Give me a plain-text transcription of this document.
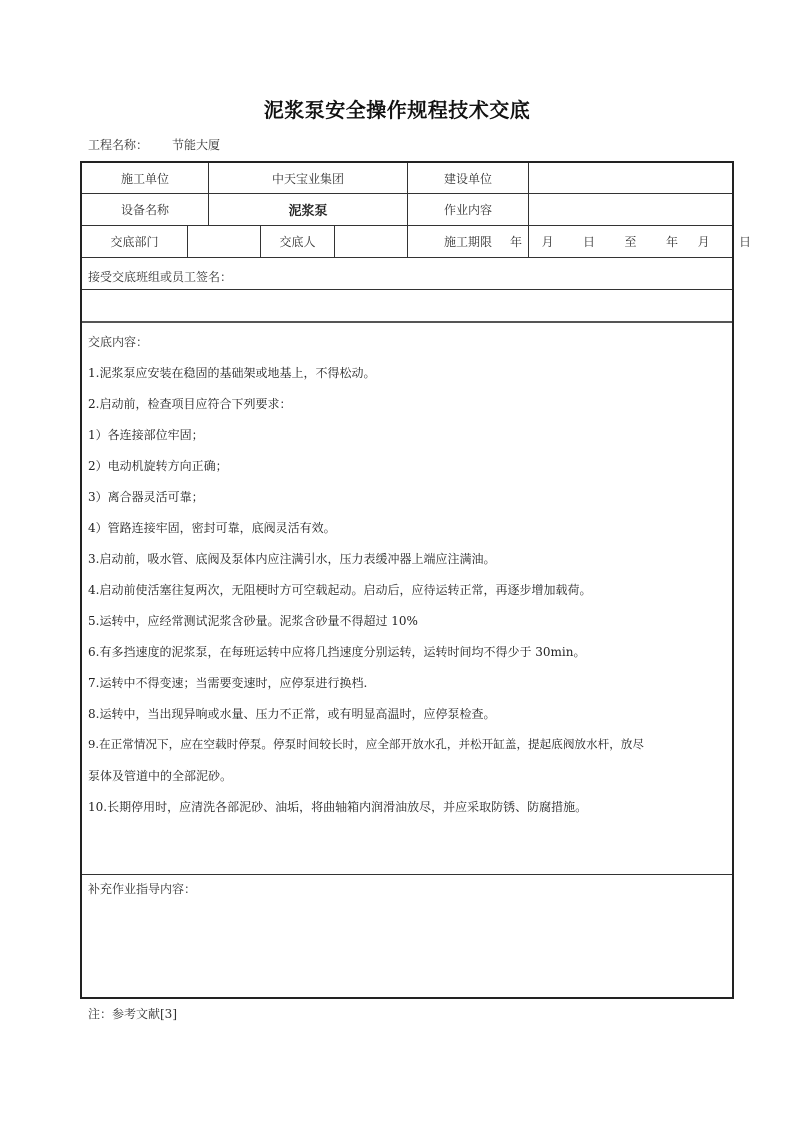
泥浆泵安全操作规程技术交底
工程名称： 节能大厦
施工单位	中天宝业集团	建设单位
设备名称	泥浆泵	作业内容
交底部门	交底人	施工期限	年  月   日   至   年  月   日
接受交底班组或员工签名：
交底内容：
1.泥浆泵应安装在稳固的基础架或地基上，不得松动。
2.启动前，检查项目应符合下列要求：
1）各连接部位牢固；
2）电动机旋转方向正确；
3）离合器灵活可靠；
4）管路连接牢固，密封可靠，底阀灵活有效。
3.启动前，吸水管、底阀及泵体内应注满引水，压力表缓冲器上端应注满油。
4.启动前使活塞往复两次，无阻梗时方可空载起动。启动后，应待运转正常，再逐步增加载荷。
5.运转中，应经常测试泥浆含砂量。泥浆含砂量不得超过 10%
6.有多挡速度的泥浆泵，在每班运转中应将几挡速度分别运转，运转时间均不得少于 30min。
7.运转中不得变速；当需要变速时，应停泵进行换档.
8.运转中，当出现异响或水量、压力不正常，或有明显高温时，应停泵检查。
9.在正常情况下，应在空载时停泵。停泵时间较长时，应全部开放水孔，并松开缸盖，提起底阀放水杆，放尽
泵体及管道中的全部泥砂。
10.长期停用时，应清洗各部泥砂、油垢，将曲轴箱内润滑油放尽，并应采取防锈、防腐措施。
补充作业指导内容：
注：参考文献[3]
